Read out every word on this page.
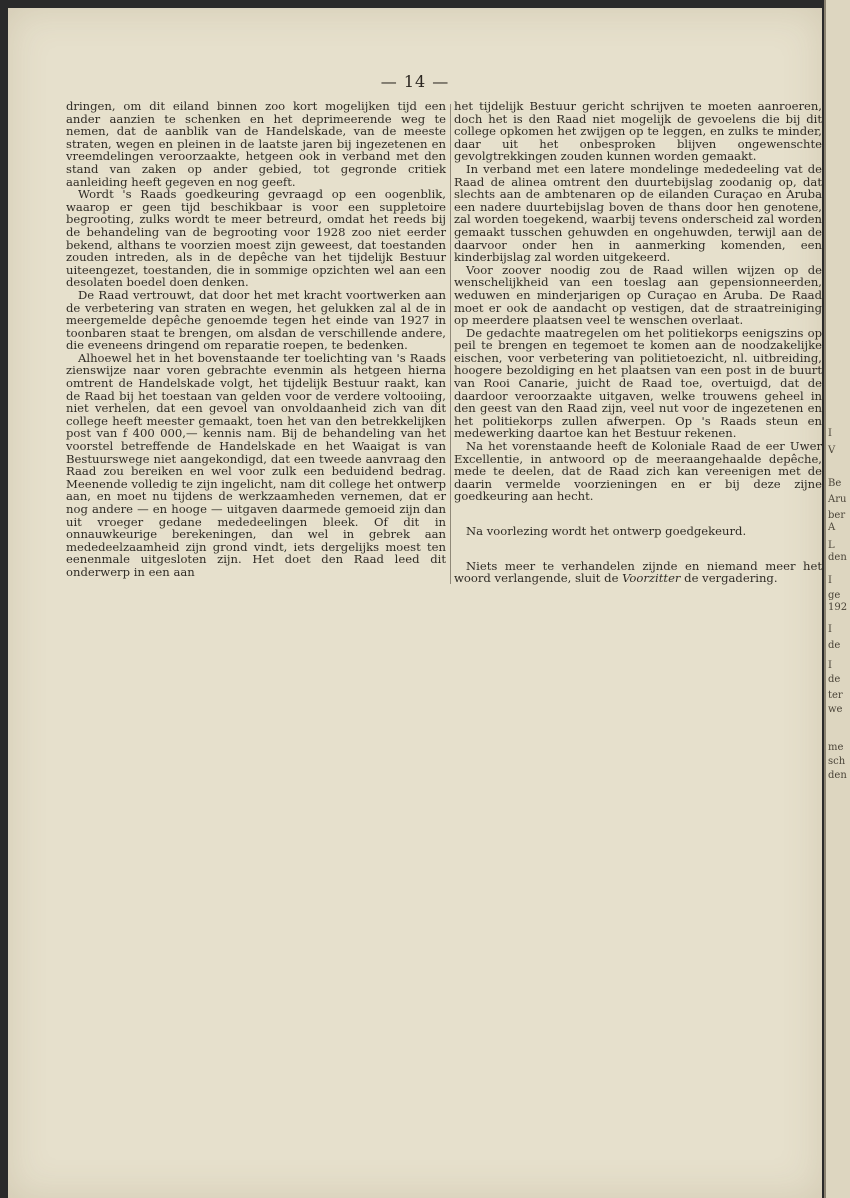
— 14 —

dringen, om dit eiland binnen zoo kort mogelijken tijd een ander aanzien te schenken en het deprimeerende weg te nemen, dat de aanblik van de Handelskade, van de meeste straten, wegen en pleinen in de laatste jaren bij ingezetenen en vreemdelingen veroorzaakte, hetgeen ook in verband met den stand van zaken op ander gebied, tot gegronde critiek aanleiding heeft gegeven en nog geeft.

Wordt 's Raads goedkeuring gevraagd op een oogenblik, waarop er geen tijd beschikbaar is voor een suppletoire begrooting, zulks wordt te meer betreurd, omdat het reeds bij de behandeling van de begrooting voor 1928 zoo niet eerder bekend, althans te voorzien moest zijn geweest, dat toestanden zouden intreden, als in de depêche van het tijdelijk Bestuur uiteengezet, toestanden, die in sommige opzichten wel aan een desolaten boedel doen denken.

De Raad vertrouwt, dat door het met kracht voortwerken aan de verbetering van straten en wegen, het gelukken zal al de in meergemelde depêche genoemde tegen het einde van 1927 in toonbaren staat te brengen, om alsdan de verschillende andere, die eveneens dringend om reparatie roepen, te bedenken.

Alhoewel het in het bovenstaande ter toelichting van 's Raads zienswijze naar voren gebrachte evenmin als hetgeen hierna omtrent de Handelskade volgt, het tijdelijk Bestuur raakt, kan de Raad bij het toestaan van gelden voor de verdere voltooiing, niet verhelen, dat een gevoel van onvoldaanheid zich van dit college heeft meester gemaakt, toen het van den betrekkelijken post van f 400 000,— kennis nam. Bij de behandeling van het voorstel betreffende de Handelskade en het Waaigat is van Bestuurswege niet aangekondigd, dat een tweede aanvraag den Raad zou bereiken en wel voor zulk een beduidend bedrag. Meenende volledig te zijn ingelicht, nam dit college het ontwerp aan, en moet nu tijdens de werkzaamheden vernemen, dat er nog andere — en hooge — uitgaven daarmede gemoeid zijn dan uit vroeger gedane mededeelingen bleek. Of dit in onnauwkeurige berekeningen, dan wel in gebrek aan mededeelzaamheid zijn grond vindt, iets dergelijks moest ten eenenmale uitgesloten zijn. Het doet den Raad leed dit onderwerp in een aan

het tijdelijk Bestuur gericht schrijven te moeten aanroeren, doch het is den Raad niet mogelijk de gevoelens die bij dit college opkomen het zwijgen op te leggen, en zulks te minder, daar uit het onbesproken blijven ongewenschte gevolgtrekkingen zouden kunnen worden gemaakt.

In verband met een latere mondelinge mededeeling vat de Raad de alinea omtrent den duurtebijslag zoodanig op, dat slechts aan de ambtenaren op de eilanden Curaçao en Aruba een nadere duurtebijslag boven de thans door hen genotene, zal worden toegekend, waarbij tevens onderscheid zal worden gemaakt tusschen gehuwden en ongehuwden, terwijl aan de daarvoor onder hen in aanmerking komenden, een kinderbijslag zal worden uitgekeerd.

Voor zoover noodig zou de Raad willen wijzen op de wenschelijkheid van een toeslag aan gepensionneerden, weduwen en minderjarigen op Curaçao en Aruba. De Raad moet er ook de aandacht op vestigen, dat de straatreiniging op meerdere plaatsen veel te wenschen overlaat.

De gedachte maatregelen om het politiekorps eenigszins op peil te brengen en tegemoet te komen aan de noodzakelijke eischen, voor verbetering van politietoezicht, nl. uitbreiding, hoogere bezoldiging en het plaatsen van een post in de buurt van Rooi Canarie, juicht de Raad toe, overtuigd, dat de daardoor veroorzaakte uitgaven, welke trouwens geheel in den geest van den Raad zijn, veel nut voor de ingezetenen en het politiekorps zullen afwerpen. Op 's Raads steun en medewerking daartoe kan het Bestuur rekenen.

Na het vorenstaande heeft de Koloniale Raad de eer Uwer Excellentie, in antwoord op de meeraangehaalde depêche, mede te deelen, dat de Raad zich kan vereenigen met de daarin vermelde voorzieningen en er bij deze zijne goedkeuring aan hecht.

Na voorlezing wordt het ontwerp goedgekeurd.

Niets meer te verhandelen zijnde en niemand meer het woord verlangende, sluit de Voorzitter de vergadering.

I
V
Be
Aru
ber
A
L
den
I
ge
192
I
de
I
de
ter
we
me
sch
den
